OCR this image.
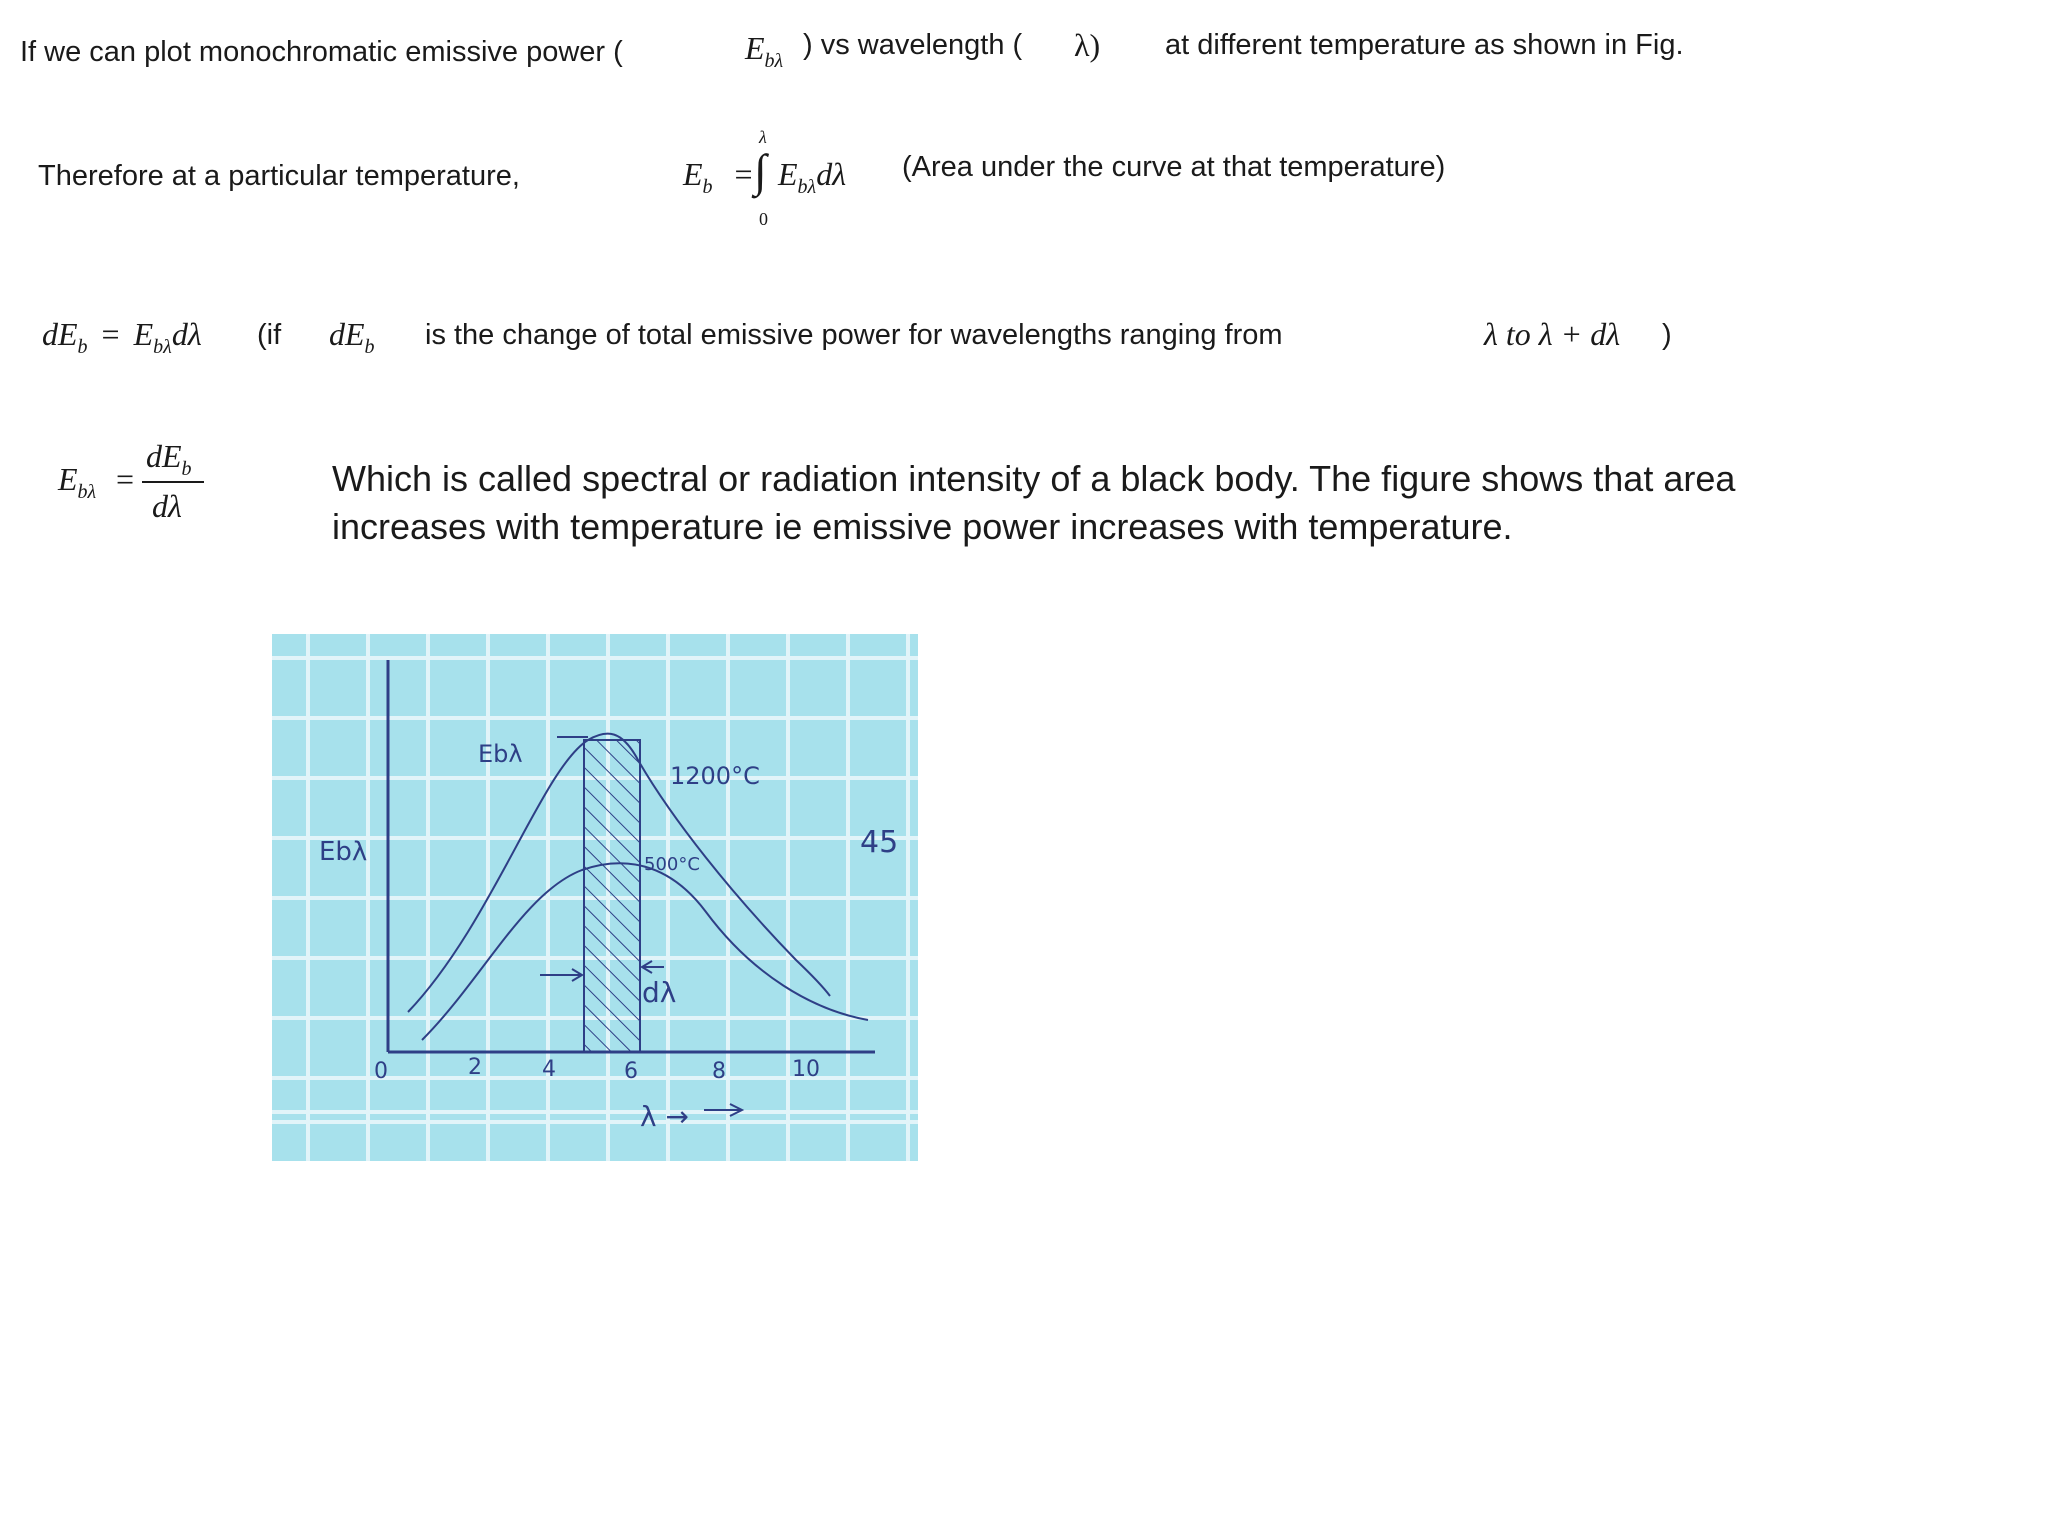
If we can plot monochromatic emissive power (	$E_{b\lambda}$ ) vs wavelength ( λ) at different temperature as shown in Fig.
Therefore at a particular temperature,	$E_b$ = ∫
λ
0
$E_{b\lambda}d\lambda$ (Area under the curve at that temperature)
$dE_b = E_{b\lambda}d\lambda$ (if $dE_b$ is the change of total emissive power for wavelengths ranging from	λ to λ + dλ )
$E_{b\lambda}$ =
$dE_b$
dλ
Which is called spectral or radiation intensity of a black body. The figure shows that area
increases with temperature ie emissive power increases with temperature.
Ebλ
Ebλ
1200°C
500°C
dλ
λ →
0	2	4	6	8	10
45
